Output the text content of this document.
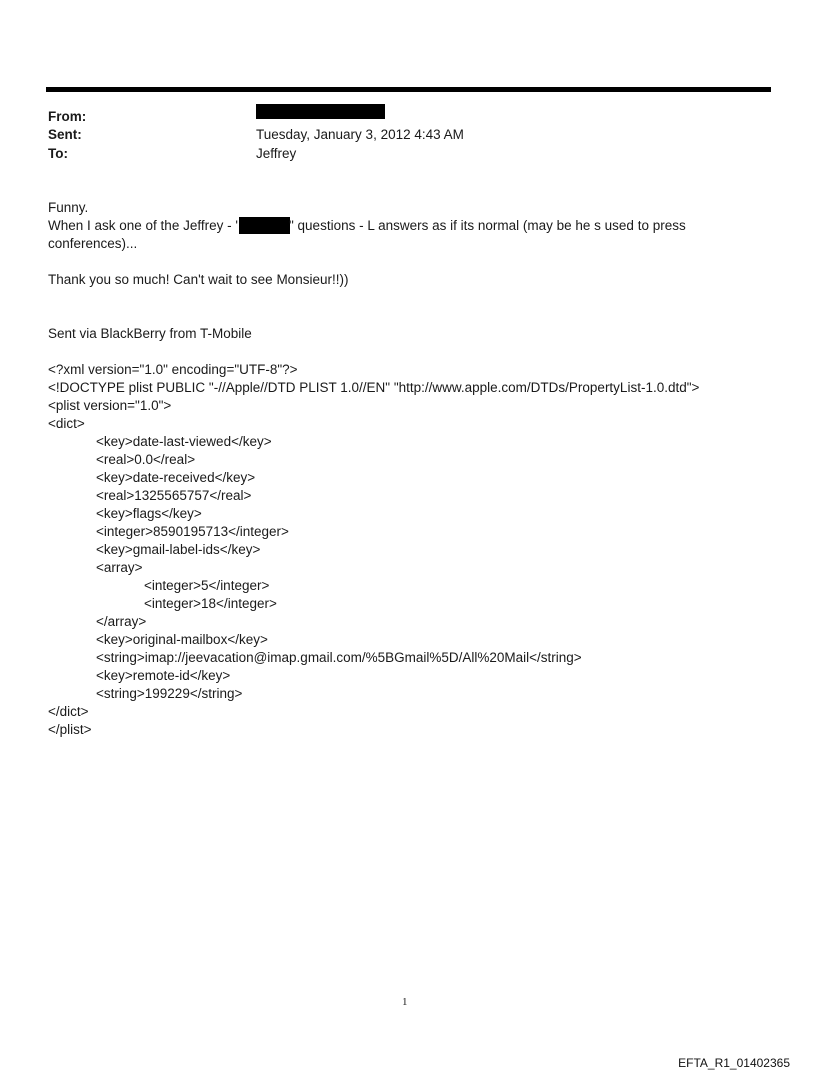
From:
Sent:	Tuesday, January 3, 2012 4:43 AM
To:	Jeffrey
Funny.
When I ask one of the Jeffrey - '	" questions - L answers as if its normal (may be he s used to press
conferences)...
Thank you so much! Can't wait to see Monsieur!!))
Sent via BlackBerry from T-Mobile
<?xml version="1.0" encoding="UTF-8"?>
<!DOCTYPE plist PUBLIC "-//Apple//DTD PLIST 1.0//EN" "http://www.apple.com/DTDs/PropertyList-1.0.dtd">
<plist version="1.0">
<dict>
<key>date-last-viewed</key>
<real>0.0</real>
<key>date-received</key>
<real>1325565757</real>
<key>flags</key>
<integer>8590195713</integer>
<key>gmail-label-ids</key>
<array>
<integer>5</integer>
<integer>18</integer>
</array>
<key>original-mailbox</key>
<string>imap://jeevacation@imap.gmail.com/%5BGmail%5D/All%20Mail</string>
<key>remote-id</key>
<string>199229</string>
</dict>
</plist>
1
EFTA_R1_01402365
